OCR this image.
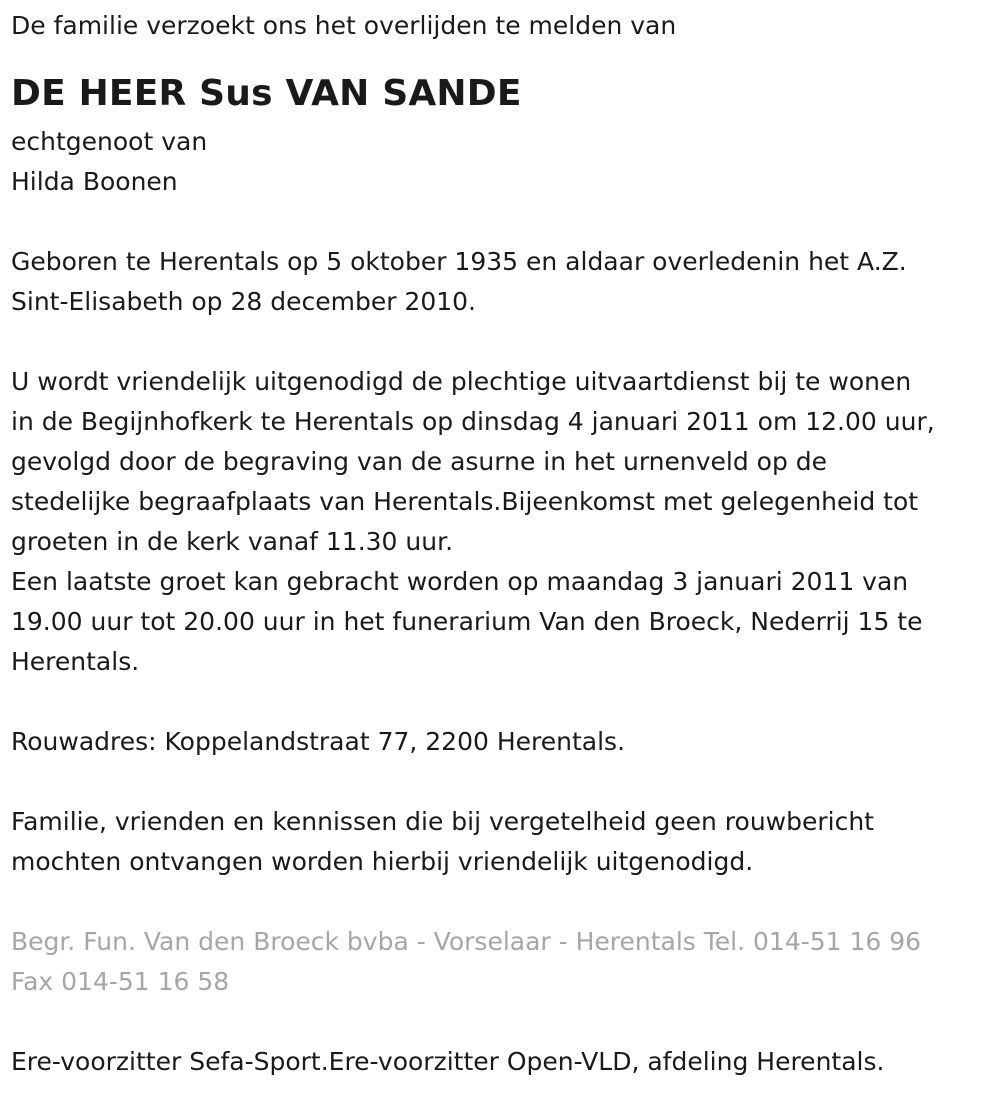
De familie verzoekt ons het overlijden te melden van

DE HEER Sus VAN SANDE

echtgenoot van

Hilda Boonen

Geboren te Herentals op 5 oktober 1935 en aldaar overledenin het A.Z.

Sint-Elisabeth op 28 december 2010.

U wordt vriendelijk uitgenodigd de plechtige uitvaartdienst bij te wonen

in de Begijnhofkerk te Herentals op dinsdag 4 januari 2011 om 12.00 uur,

gevolgd door de begraving van de asurne in het urnenveld op de

stedelijke begraafplaats van Herentals.Bijeenkomst met gelegenheid tot

groeten in de kerk vanaf 11.30 uur.

Een laatste groet kan gebracht worden op maandag 3 januari 2011 van

19.00 uur tot 20.00 uur in het funerarium Van den Broeck, Nederrij 15 te

Herentals.

Rouwadres: Koppelandstraat 77, 2200 Herentals.

Familie, vrienden en kennissen die bij vergetelheid geen rouwbericht

mochten ontvangen worden hierbij vriendelijk uitgenodigd.

Begr. Fun. Van den Broeck bvba - Vorselaar - Herentals Tel. 014-51 16 96

Fax 014-51 16 58

Ere-voorzitter Sefa-Sport.Ere-voorzitter Open-VLD, afdeling Herentals.
